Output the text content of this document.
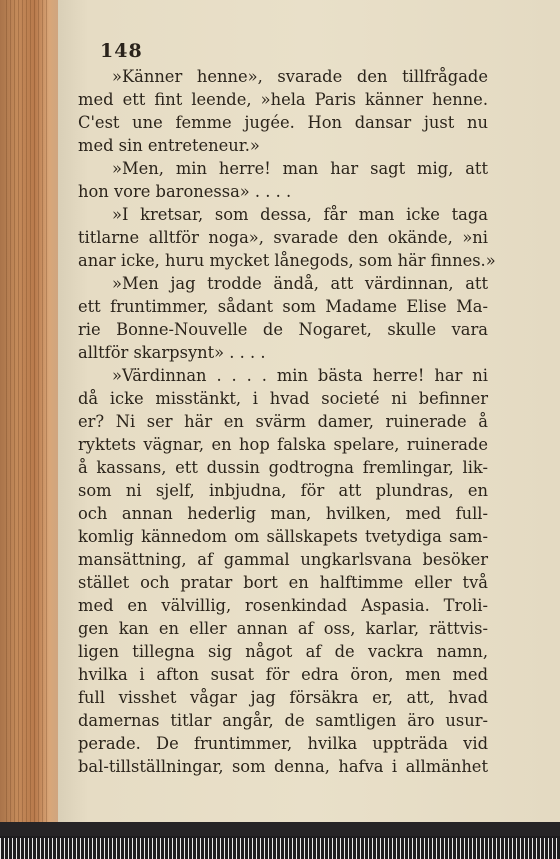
148
»Känner henne», svarade den tillfrågade
med ett fint leende, »hela Paris känner henne.
C'est une femme jugée. Hon dansar just nu
med sin entreteneur.»
»Men, min herre! man har sagt mig, att
hon vore baronessa» . . . .
»I kretsar, som dessa, får man icke taga
titlarne alltför noga», svarade den okände, »ni
anar icke, huru mycket lånegods, som här finnes.»
»Men jag trodde ändå, att värdinnan, att
ett fruntimmer, sådant som Madame Elise Ma-
rie Bonne-Nouvelle de Nogaret, skulle vara
alltför skarpsynt» . . . .
»Värdinnan . . . . min bästa herre! har ni
då icke misstänkt, i hvad societé ni befinner
er? Ni ser här en svärm damer, ruinerade å
ryktets vägnar, en hop falska spelare, ruinerade
å kassans, ett dussin godtrogna fremlingar, lik-
som ni sjelf, inbjudna, för att plundras, en
och annan hederlig man, hvilken, med full-
komlig kännedom om sällskapets tvetydiga sam-
mansättning, af gammal ungkarlsvana besöker
stället och pratar bort en halftimme eller två
med en välvillig, rosenkindad Aspasia. Troli-
gen kan en eller annan af oss, karlar, rättvis-
ligen tillegna sig något af de vackra namn,
hvilka i afton susat för edra öron, men med
full visshet vågar jag försäkra er, att, hvad
damernas titlar angår, de samtligen äro usur-
perade. De fruntimmer, hvilka uppträda vid
bal-tillställningar, som denna, hafva i allmänhet
